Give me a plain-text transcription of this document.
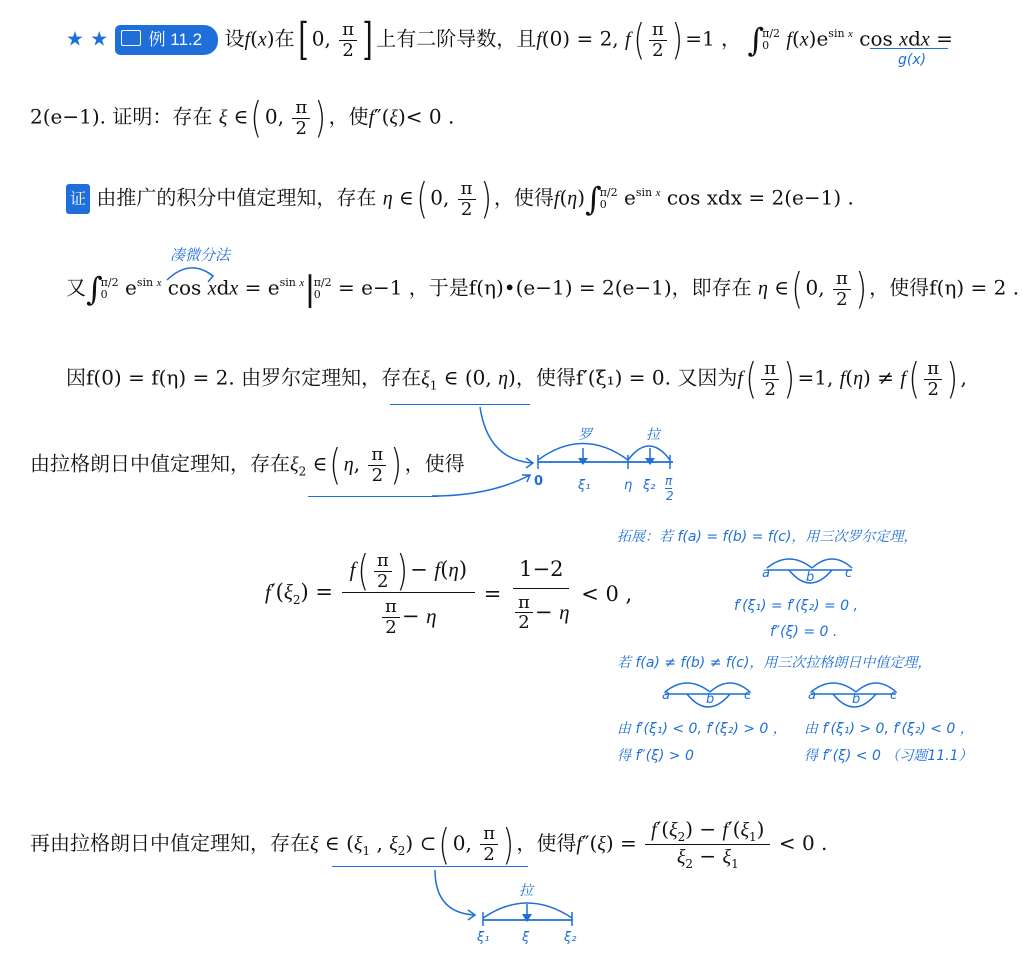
★ ★ 例 11.2 设f(x)在[ 0, $\frac{\pi}{2}$ ] 上有二阶导数，且f(0) = 2, $f( \frac{\pi}{2}$ ) =1 ， ∫
π/2
0 $f(x)e^{sin x}$ cos xdx =
g(x)
2(e−1). 证明：存在 ξ ∈( 0, $\frac{\pi}{2}$ ) ，使f″(ξ)< 0 .
证 由推广的积分中值定理知，存在 η ∈( 0, $\frac{\pi}{2}$ ) ，使得f(η)∫
π/2
0 $e^{sin x}$ cos xdx = 2(e−1) .
凑微分法
又∫
π/2
0 $e^{sin x}$ cos xdx = $e^{sin x}|$
π/2
0 = e−1 ，于是f(η)•(e−1) = 2(e−1)，即存在 η ∈( 0, $\frac{\pi}{2}$ ) ，使得f(η) = 2 .
因f(0) = f(η) = 2. 由罗尔定理知，存在$\xi_1$ ∈ (0, η)，使得f′(ξ₁) = 0. 又因为$f( \frac{\pi}{2}$ ) =1, $f(\eta) \ne f( \frac{\pi}{2}$ ) ,
由拉格朗日中值定理知，存在$\xi_2$ ∈( η, $\frac{\pi}{2}$ ) ，使得
罗	拉
0	ξ₁	η ξ₂ π
2
$f'(\xi_2) = \frac{f( \frac{\pi}{2} ) - f(\eta)}{\frac{\pi}{2} - \eta} = \frac{1-2}{\frac{\pi}{2} - \eta} < 0$ ,
拓展：若 f(a) = f(b) = f(c)，用三次罗尔定理，
a	b c
f′(ξ₁) = f′(ξ₂) = 0 ,
f″(ξ) = 0 .
若 f(a) ≠ f(b) ≠ f(c)，用三次拉格朗日中值定理，
a	b c	a	b c
由 f′(ξ₁) < 0, f′(ξ₂) > 0 ， 由 f′(ξ₁) > 0, f′(ξ₂) < 0 ，
得 f″(ξ) > 0	得 f″(ξ) < 0 （习题11.1）
再由拉格朗日中值定理知，存在ξ ∈ ($\xi_1$ , $\xi_2$) ⊂( 0, $\frac{\pi}{2}$ ) ，使得$f''(\xi) = \frac{f'(\xi_2) - f'(\xi_1)}{\xi_2 - \xi_1} < 0$ .
拉
ξ₁	ξ	ξ₂
